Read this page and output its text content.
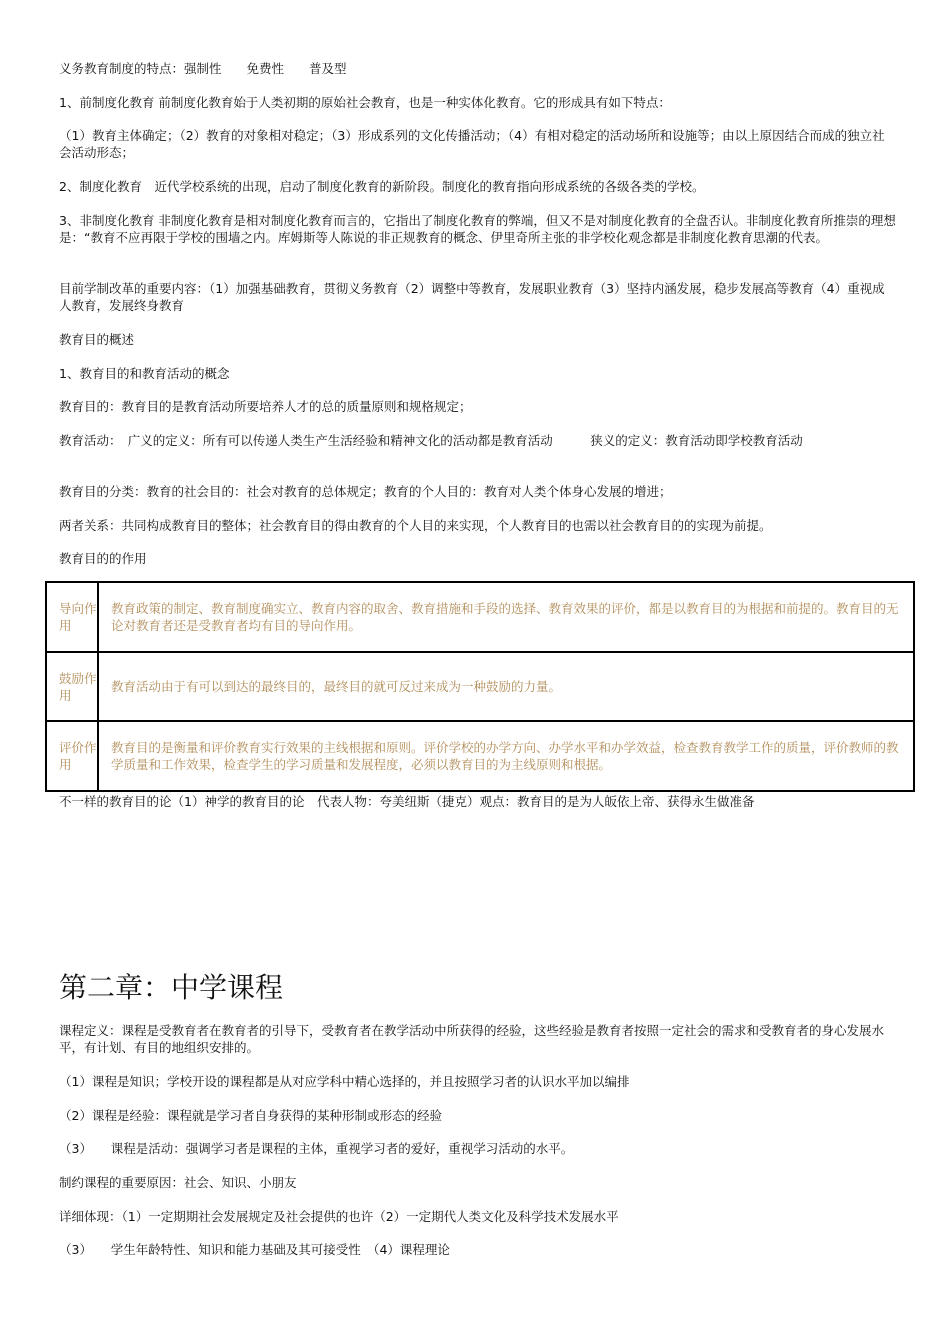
义务教育制度的特点：强制性　　免费性　　普及型

1、前制度化教育 前制度化教育始于人类初期的原始社会教育，也是一种实体化教育。它的形成具有如下特点：

（1）教育主体确定；（2）教育的对象相对稳定；（3）形成系列的文化传播活动；（4）有相对稳定的活动场所和设施等；由以上原因结合而成的独立社会活动形态；

2、制度化教育　近代学校系统的出现，启动了制度化教育的新阶段。制度化的教育指向形成系统的各级各类的学校。

3、非制度化教育 非制度化教育是相对制度化教育而言的，它指出了制度化教育的弊端，但又不是对制度化教育的全盘否认。非制度化教育所推崇的理想是：“教育不应再限于学校的围墙之内。库姆斯等人陈说的非正规教育的概念、伊里奇所主张的非学校化观念都是非制度化教育思潮的代表。

目前学制改革的重要内容：（1）加强基础教育，贯彻义务教育（2）调整中等教育，发展职业教育（3）坚持内涵发展，稳步发展高等教育（4）重视成人教育，发展终身教育

教育目的概述

1、教育目的和教育活动的概念

教育目的：教育目的是教育活动所要培养人才的总的质量原则和规格规定；

教育活动：　广义的定义：所有可以传递人类生产生活经验和精神文化的活动都是教育活动　　　狭义的定义：教育活动即学校教育活动

教育目的分类：教育的社会目的：社会对教育的总体规定；教育的个人目的：教育对人类个体身心发展的增进；

两者关系：共同构成教育目的整体；社会教育目的得由教育的个人目的来实现，个人教育目的也需以社会教育目的的实现为前提。

教育目的的作用

导向作用	教育政策的制定、教育制度确实立、教育内容的取舍、教育措施和手段的选择、教育效果的评价，都是以教育目的为根据和前提的。教育目的无论对教育者还是受教育者均有目的导向作用。
鼓励作用	教育活动由于有可以到达的最终目的，最终目的就可反过来成为一种鼓励的力量。
评价作用	教育目的是衡量和评价教育实行效果的主线根据和原则。评价学校的办学方向、办学水平和办学效益，检查教育教学工作的质量，评价教师的教学质量和工作效果，检查学生的学习质量和发展程度，必须以教育目的为主线原则和根据。

不一样的教育目的论（1）神学的教育目的论　代表人物：夸美纽斯（捷克）观点：教育目的是为人皈依上帝、获得永生做准备

第二章：中学课程

课程定义：课程是受教育者在教育者的引导下，受教育者在教学活动中所获得的经验，这些经验是教育者按照一定社会的需求和受教育者的身心发展水平，有计划、有目的地组织安排的。

（1）课程是知识；学校开设的课程都是从对应学科中精心选择的，并且按照学习者的认识水平加以编排

（2）课程是经验：课程就是学习者自身获得的某种形制或形态的经验

（3）　　课程是活动：强调学习者是课程的主体，重视学习者的爱好，重视学习活动的水平。

制约课程的重要原因：社会、知识、小朋友

详细体现：（1）一定期期社会发展规定及社会提供的也许（2）一定期代人类文化及科学技术发展水平

（3）　　学生年龄特性、知识和能力基础及其可接受性　（4）课程理论
